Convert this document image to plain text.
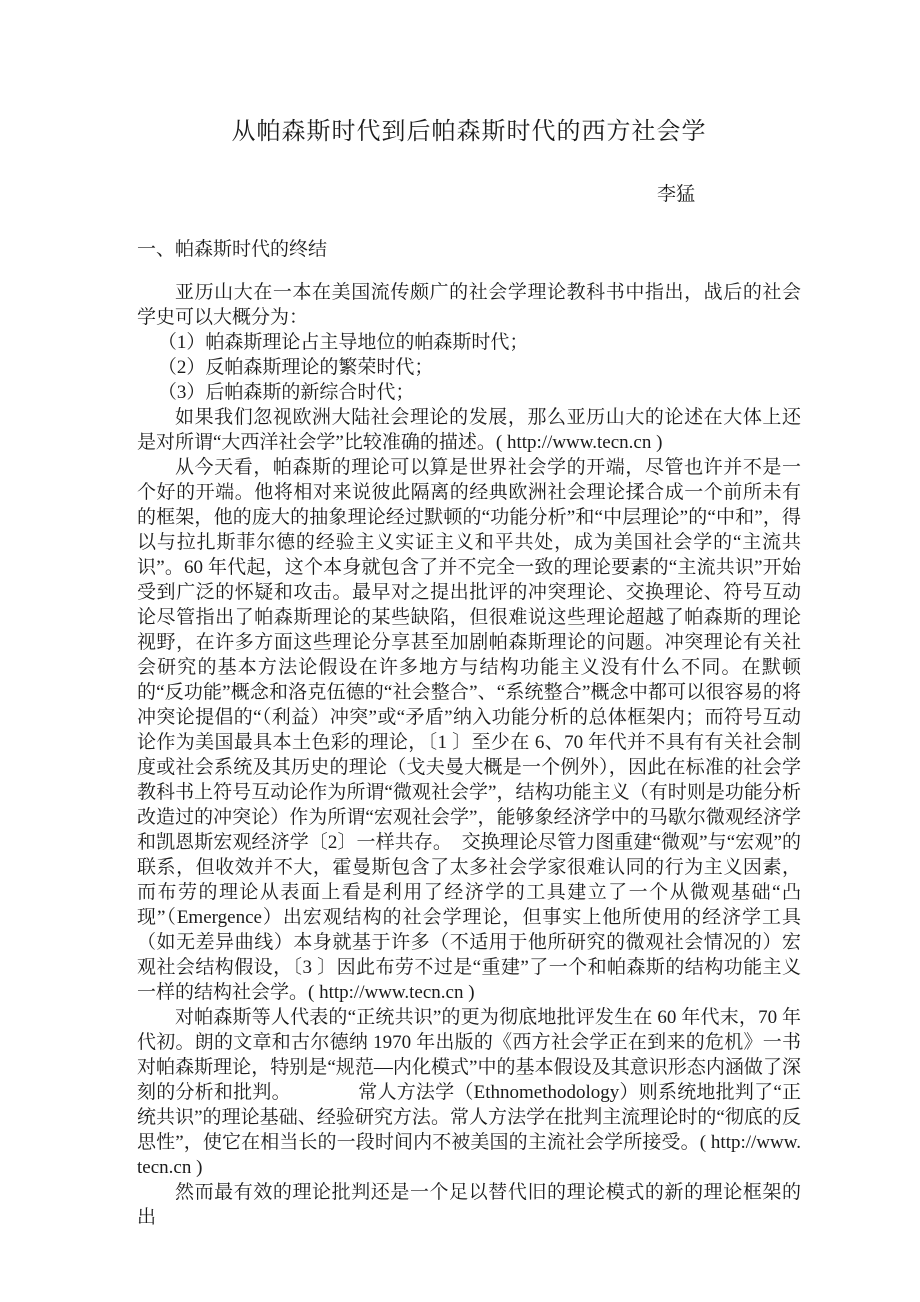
从帕森斯时代到后帕森斯时代的西方社会学
李猛
一、帕森斯时代的终结

亚历山大在一本在美国流传颇广的社会学理论教科书中指出，战后的社会学史可以大概分为：

（1）帕森斯理论占主导地位的帕森斯时代；

（2）反帕森斯理论的繁荣时代；

（3）后帕森斯的新综合时代；

如果我们忽视欧洲大陆社会理论的发展，那么亚历山大的论述在大体上还是对所谓“大西洋社会学”比较准确的描述。( http://www.tecn.cn )

从今天看，帕森斯的理论可以算是世界社会学的开端，尽管也许并不是一个好的开端。他将相对来说彼此隔离的经典欧洲社会理论揉合成一个前所未有的框架，他的庞大的抽象理论经过默顿的“功能分析”和“中层理论”的“中和”，得以与拉扎斯菲尔德的经验主义实证主义和平共处，成为美国社会学的“主流共识”。60 年代起，这个本身就包含了并不完全一致的理论要素的“主流共识”开始受到广泛的怀疑和攻击。最早对之提出批评的冲突理论、交换理论、符号互动论尽管指出了帕森斯理论的某些缺陷，但很难说这些理论超越了帕森斯的理论视野，在许多方面这些理论分享甚至加剧帕森斯理论的问题。冲突理论有关社会研究的基本方法论假设在许多地方与结构功能主义没有什么不同。在默顿的“反功能”概念和洛克伍德的“社会整合”、“系统整合”概念中都可以很容易的将冲突论提倡的“（利益）冲突”或“矛盾”纳入功能分析的总体框架内；而符号互动论作为美国最具本土色彩的理论，〔1 〕至少在 6、70 年代并不具有有关社会制度或社会系统及其历史的理论（戈夫曼大概是一个例外），因此在标准的社会学教科书上符号互动论作为所谓“微观社会学”，结构功能主义（有时则是功能分析改造过的冲突论）作为所谓“宏观社会学”，能够象经济学中的马歇尔微观经济学和凯恩斯宏观经济学〔2〕一样共存。　交换理论尽管力图重建“微观”与“宏观”的联系，但收效并不大，霍曼斯包含了太多社会学家很难认同的行为主义因素，而布劳的理论从表面上看是利用了经济学的工具建立了一个从微观基础“凸现”（Emergence）出宏观结构的社会学理论，但事实上他所使用的经济学工具（如无差异曲线）本身就基于许多（不适用于他所研究的微观社会情况的）宏观社会结构假设，〔3 〕因此布劳不过是“重建”了一个和帕森斯的结构功能主义一样的结构社会学。( http://www.tecn.cn )

对帕森斯等人代表的“正统共识”的更为彻底地批评发生在 60 年代末，70 年代初。朗的文章和古尔德纳 1970 年出版的《西方社会学正在到来的危机》一书对帕森斯理论，特别是“规范—内化模式”中的基本假设及其意识形态内涵做了深刻的分析和批判。　　　　常人方法学（Ethnomethodology）则系统地批判了“正统共识”的理论基础、经验研究方法。常人方法学在批判主流理论时的“彻底的反思性”，使它在相当长的一段时间内不被美国的主流社会学所接受。( http://www.tecn.cn )

然而最有效的理论批判还是一个足以替代旧的理论模式的新的理论框架的出
